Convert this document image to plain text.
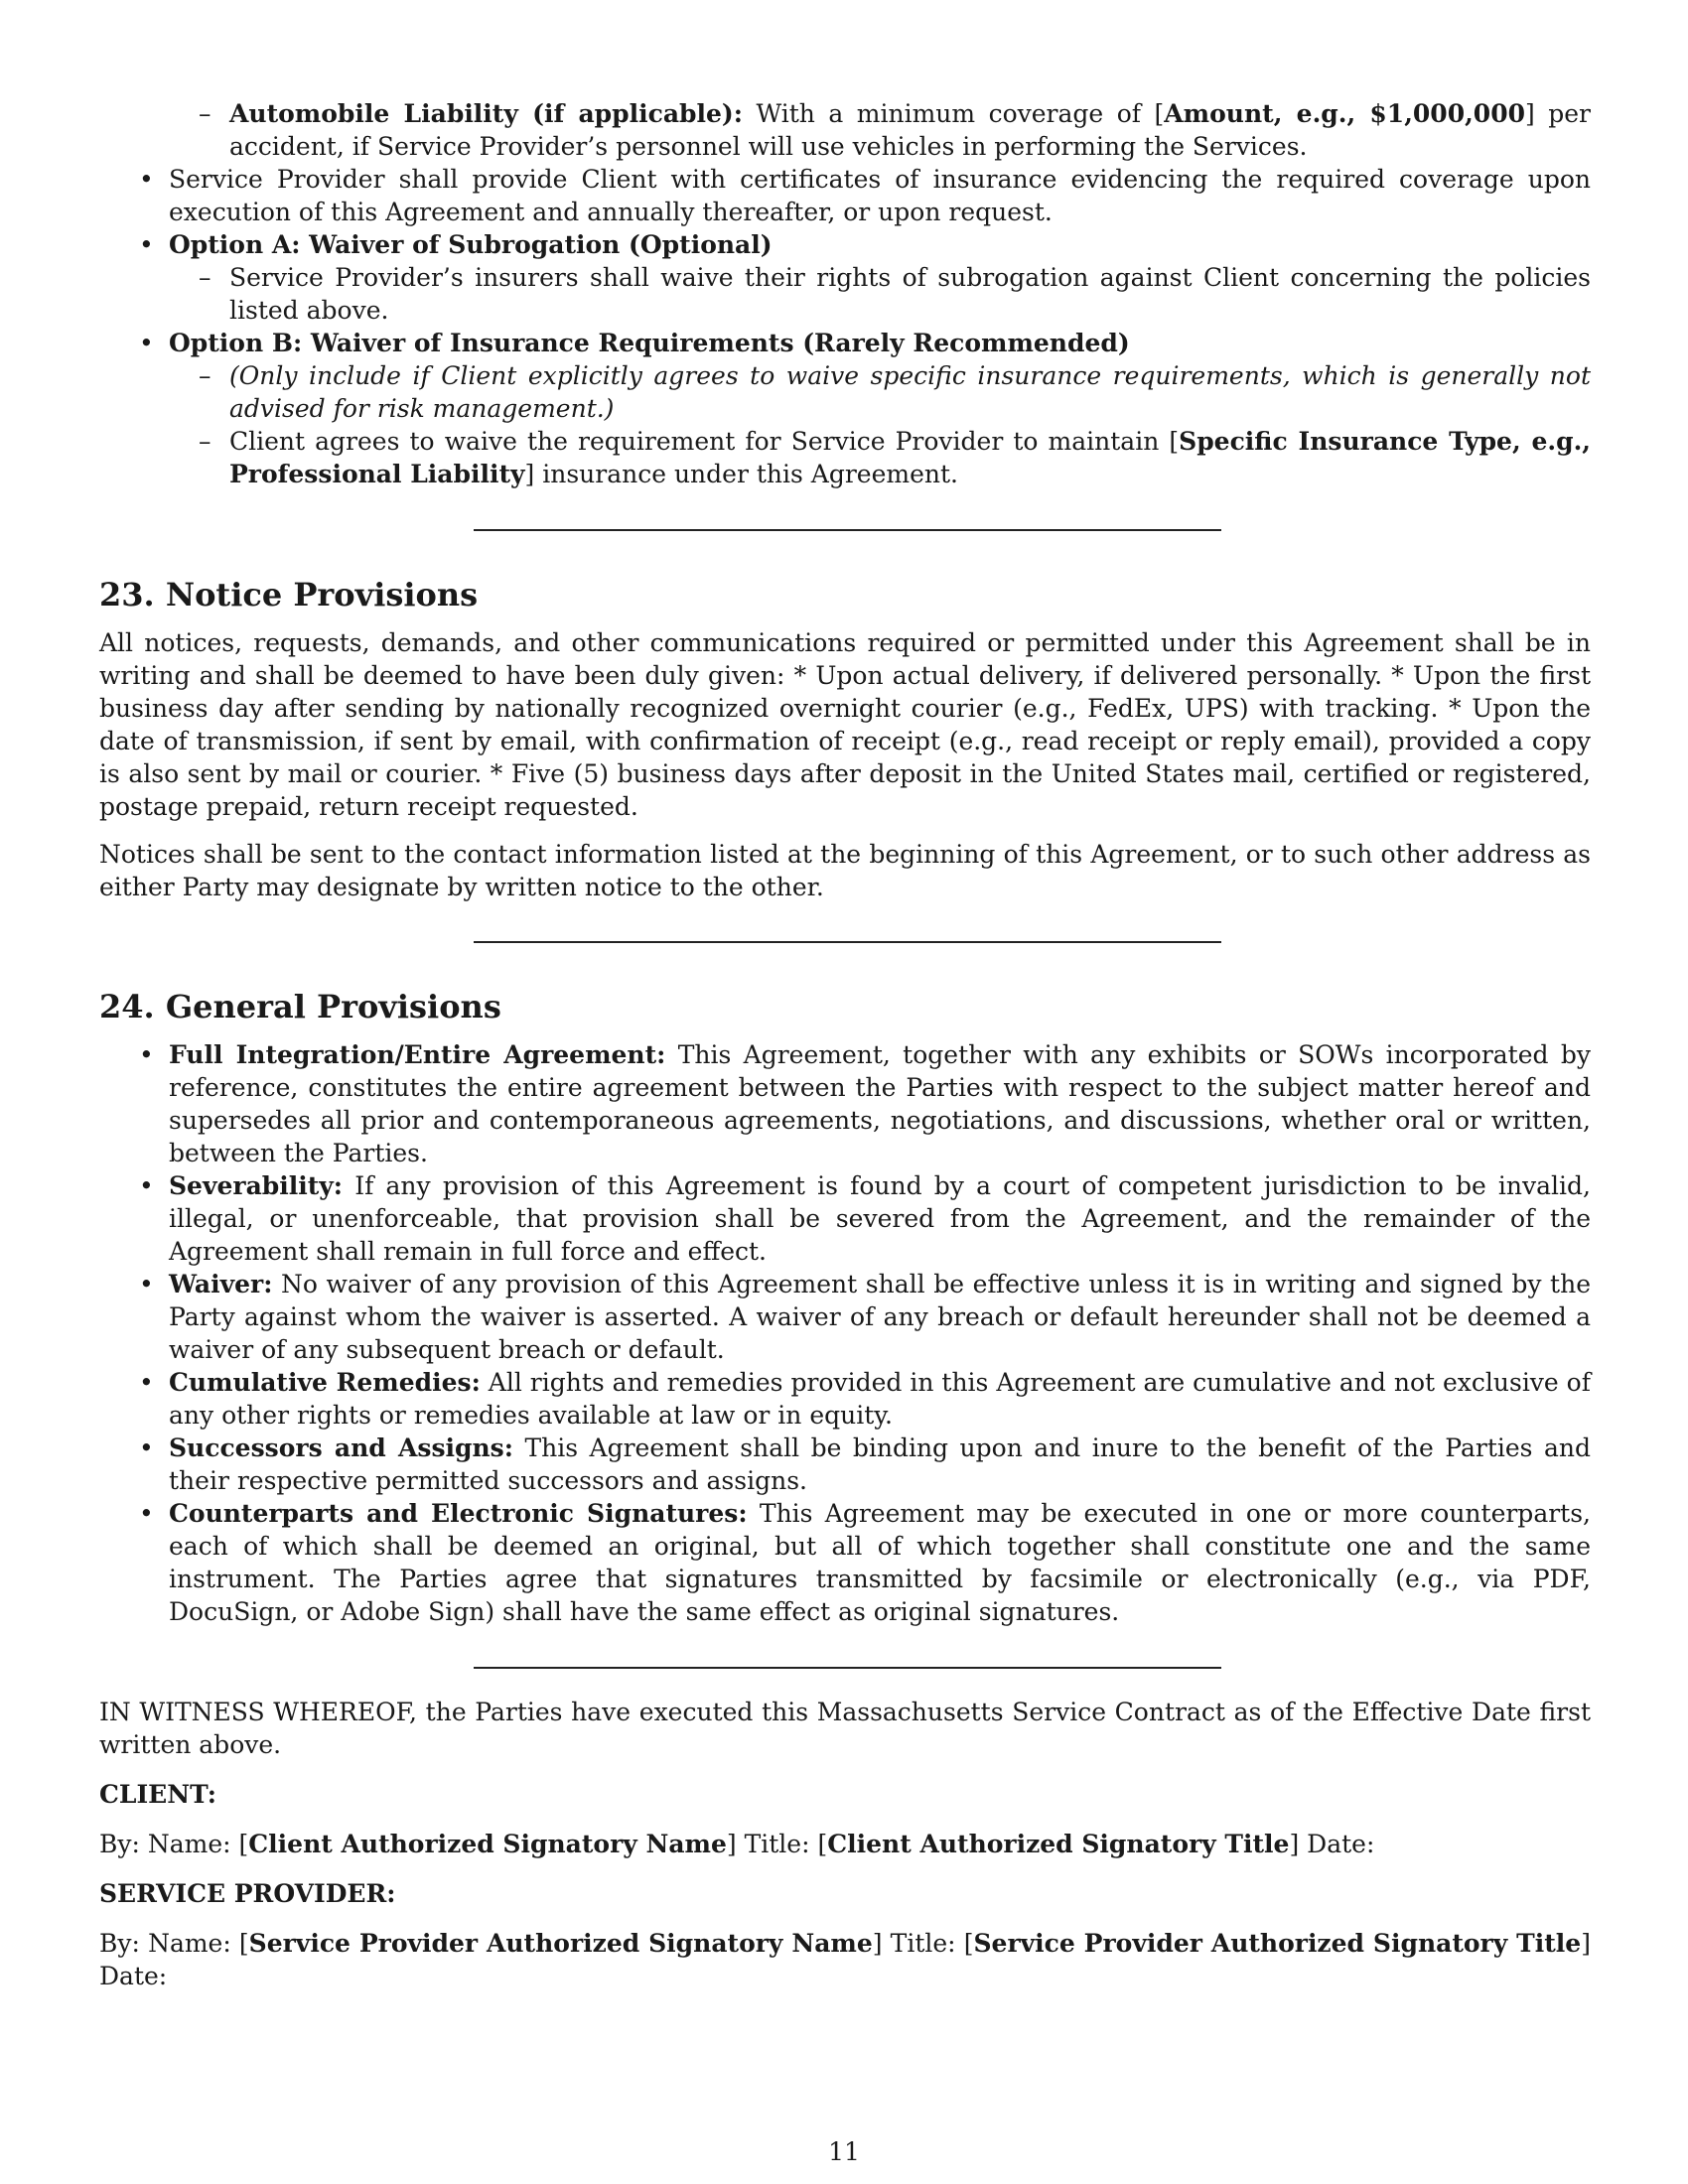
– Automobile Liability (if applicable): With a minimum coverage of [Amount, e.g., $1,000,000] per accident, if Service Provider’s personnel will use vehicles in performing the Services.
• Service Provider shall provide Client with certificates of insurance evidencing the required coverage upon execution of this Agreement and annually thereafter, or upon request.
• Option A: Waiver of Subrogation (Optional)
– Service Provider’s insurers shall waive their rights of subrogation against Client concerning the policies listed above.
• Option B: Waiver of Insurance Requirements (Rarely Recommended)
– (Only include if Client explicitly agrees to waive specific insurance requirements, which is generally not advised for risk management.)
– Client agrees to waive the requirement for Service Provider to maintain [Specific Insurance Type, e.g., Professional Liability] insurance under this Agreement.
23. Notice Provisions

All notices, requests, demands, and other communications required or permitted under this Agreement shall be in writing and shall be deemed to have been duly given: * Upon actual delivery, if delivered personally. * Upon the first business day after sending by nationally recognized overnight courier (e.g., FedEx, UPS) with tracking. * Upon the date of transmission, if sent by email, with confirmation of receipt (e.g., read receipt or reply email), provided a copy is also sent by mail or courier. * Five (5) business days after deposit in the United States mail, certified or registered, postage prepaid, return receipt requested.

Notices shall be sent to the contact information listed at the beginning of this Agreement, or to such other address as either Party may designate by written notice to the other.

24. General Provisions
• Full Integration/Entire Agreement: This Agreement, together with any exhibits or SOWs incorporated by reference, constitutes the entire agreement between the Parties with respect to the subject matter hereof and supersedes all prior and contemporaneous agreements, negotiations, and discussions, whether oral or written, between the Parties.
• Severability: If any provision of this Agreement is found by a court of competent jurisdiction to be invalid, illegal, or unenforceable, that provision shall be severed from the Agreement, and the remainder of the Agreement shall remain in full force and effect.
• Waiver: No waiver of any provision of this Agreement shall be effective unless it is in writing and signed by the Party against whom the waiver is asserted. A waiver of any breach or default hereunder shall not be deemed a waiver of any subsequent breach or default.
• Cumulative Remedies: All rights and remedies provided in this Agreement are cumulative and not exclusive of any other rights or remedies available at law or in equity.
• Successors and Assigns: This Agreement shall be binding upon and inure to the benefit of the Parties and their respective permitted successors and assigns.
• Counterparts and Electronic Signatures: This Agreement may be executed in one or more counterparts, each of which shall be deemed an original, but all of which together shall constitute one and the same instrument. The Parties agree that signatures transmitted by facsimile or electronically (e.g., via PDF, DocuSign, or Adobe Sign) shall have the same effect as original signatures.

IN WITNESS WHEREOF, the Parties have executed this Massachusetts Service Contract as of the Effective Date first written above.

CLIENT:

By: Name: [Client Authorized Signatory Name] Title: [Client Authorized Signatory Title] Date:

SERVICE PROVIDER:

By: Name: [Service Provider Authorized Signatory Name] Title: [Service Provider Authorized Signatory Title] Date:

11
